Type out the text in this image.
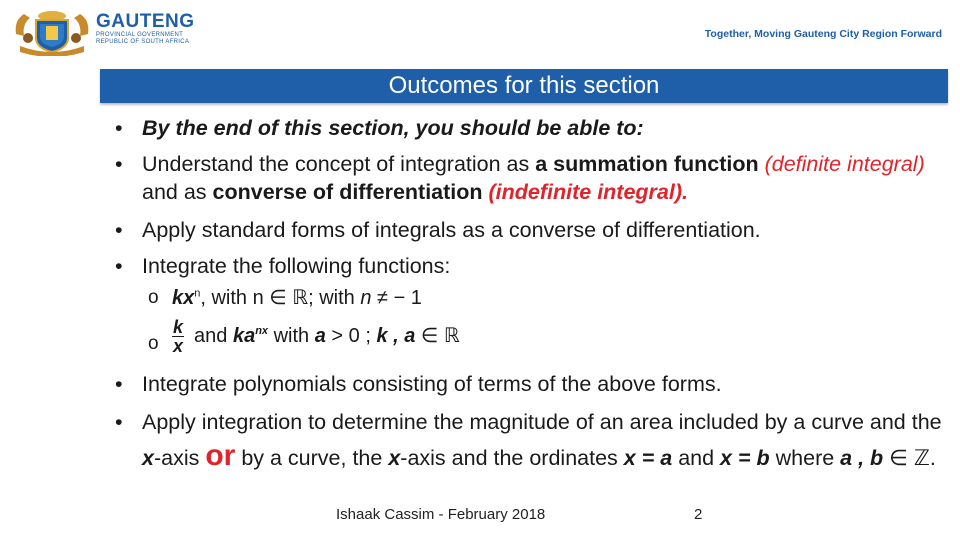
GAUTENG
PROVINCIAL GOVERNMENT
REPUBLIC OF SOUTH AFRICA
Together, Moving Gauteng City Region Forward
Outcomes for this section
• By the end of this section, you should be able to:
• Understand the concept of integration as a summation function (definite integral) and as converse of differentiation (indefinite integral).
• Apply standard forms of integrals as a converse of differentiation.
• Integrate the following functions:
o $kx^n$, with n ∈ ℝ; with n ≠ − 1
o $\frac{k}{x}$ and $ka^{nx}$ with a > 0 ; k , a ∈ ℝ
• Integrate polynomials consisting of terms of the above forms.
• Apply integration to determine the magnitude of an area included by a curve and the x-axis or by a curve, the x-axis and the ordinates x = a and x = b where a , b ∈ ℤ.
Ishaak Cassim - February 2018	2
